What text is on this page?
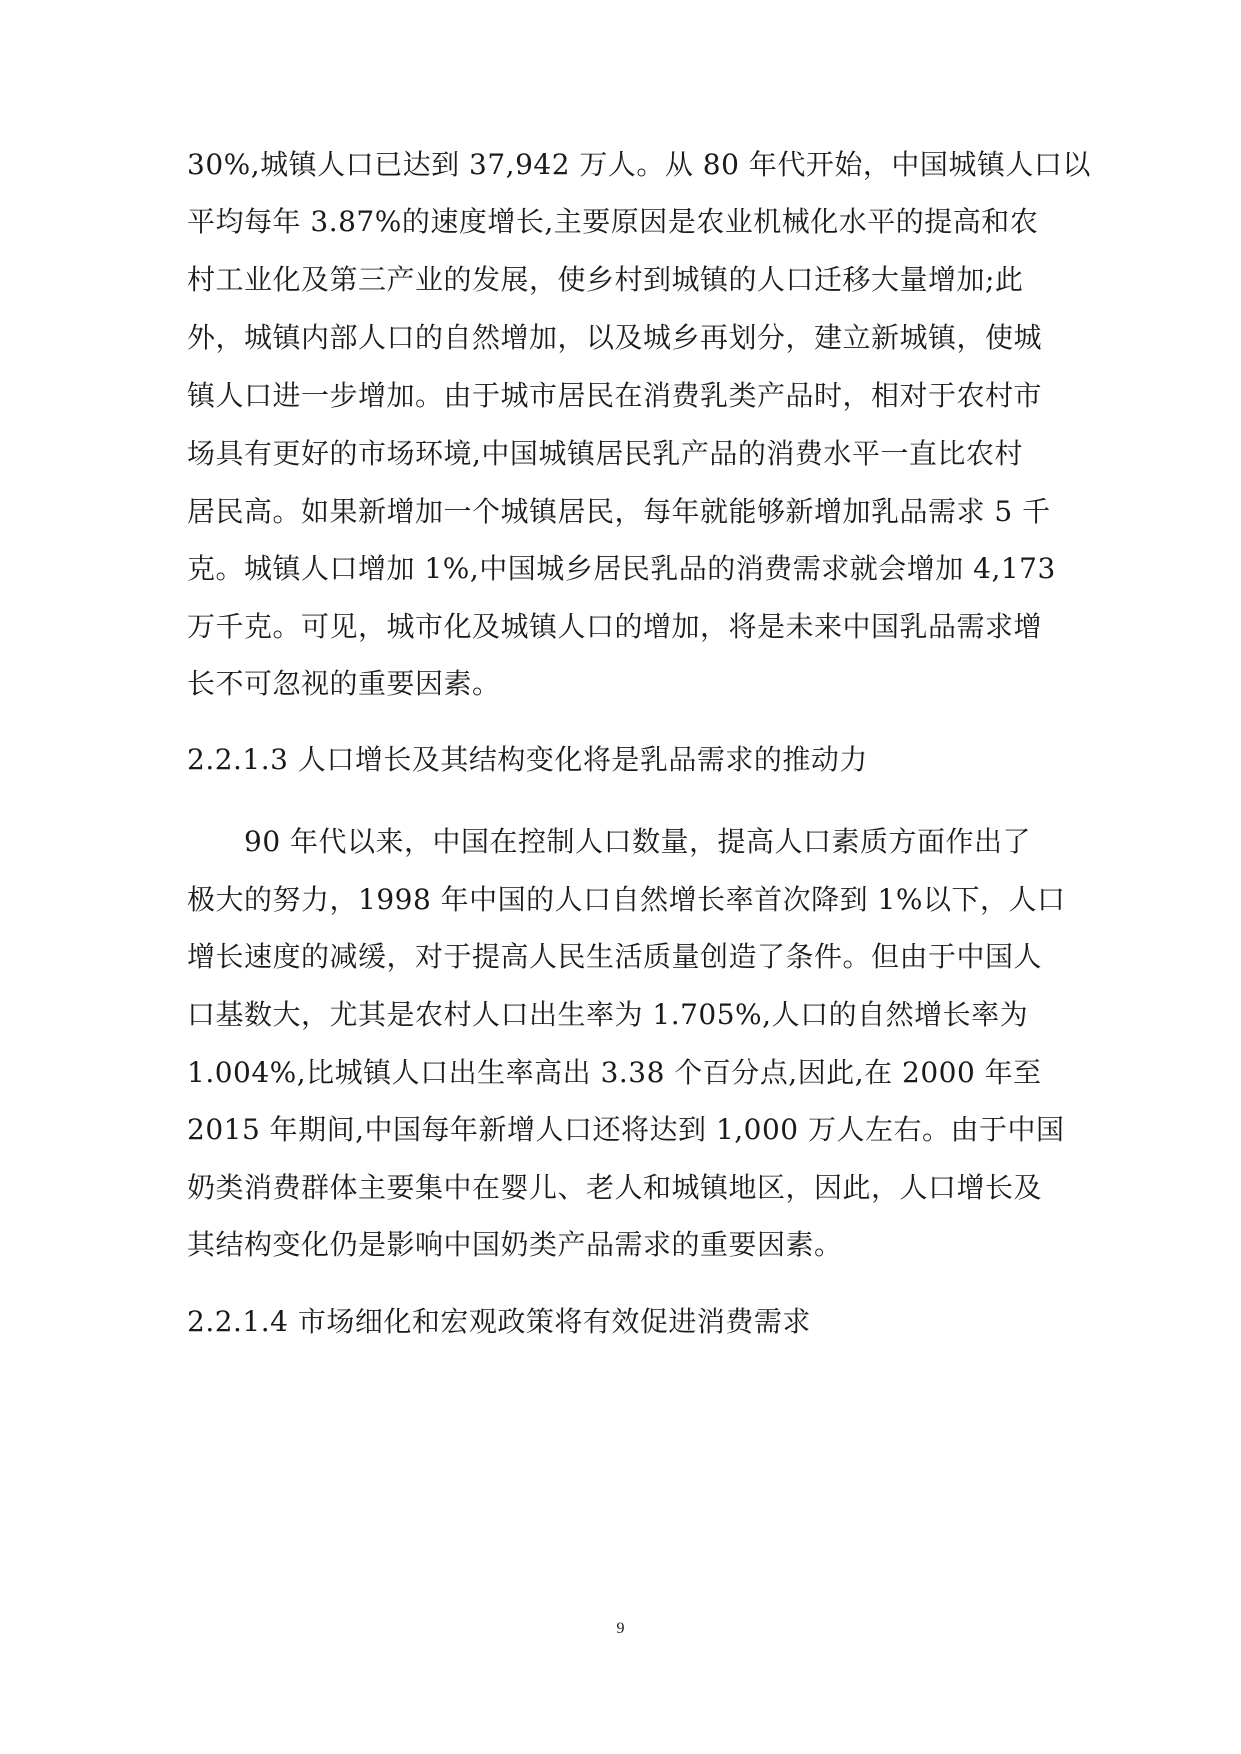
30%,城镇人口已达到 37,942 万人。从 80 年代开始，中国城镇人口以
平均每年 3.87%的速度增长,主要原因是农业机械化水平的提高和农
村工业化及第三产业的发展，使乡村到城镇的人口迁移大量增加;此
外，城镇内部人口的自然增加，以及城乡再划分，建立新城镇，使城
镇人口进一步增加。由于城市居民在消费乳类产品时，相对于农村市
场具有更好的市场环境,中国城镇居民乳产品的消费水平一直比农村
居民高。如果新增加一个城镇居民，每年就能够新增加乳品需求 5 千
克。城镇人口增加 1%,中国城乡居民乳品的消费需求就会增加 4,173
万千克。可见，城市化及城镇人口的增加，将是未来中国乳品需求增
长不可忽视的重要因素。
2.2.1.3 人口增长及其结构变化将是乳品需求的推动力
90 年代以来，中国在控制人口数量，提高人口素质方面作出了
极大的努力，1998 年中国的人口自然增长率首次降到 1%以下，人口
增长速度的减缓，对于提高人民生活质量创造了条件。但由于中国人
口基数大，尤其是农村人口出生率为 1.705%,人口的自然增长率为
1.004%,比城镇人口出生率高出 3.38 个百分点,因此,在 2000 年至
2015 年期间,中国每年新增人口还将达到 1,000 万人左右。由于中国
奶类消费群体主要集中在婴儿、老人和城镇地区，因此，人口增长及
其结构变化仍是影响中国奶类产品需求的重要因素。
2.2.1.4 市场细化和宏观政策将有效促进消费需求
9
